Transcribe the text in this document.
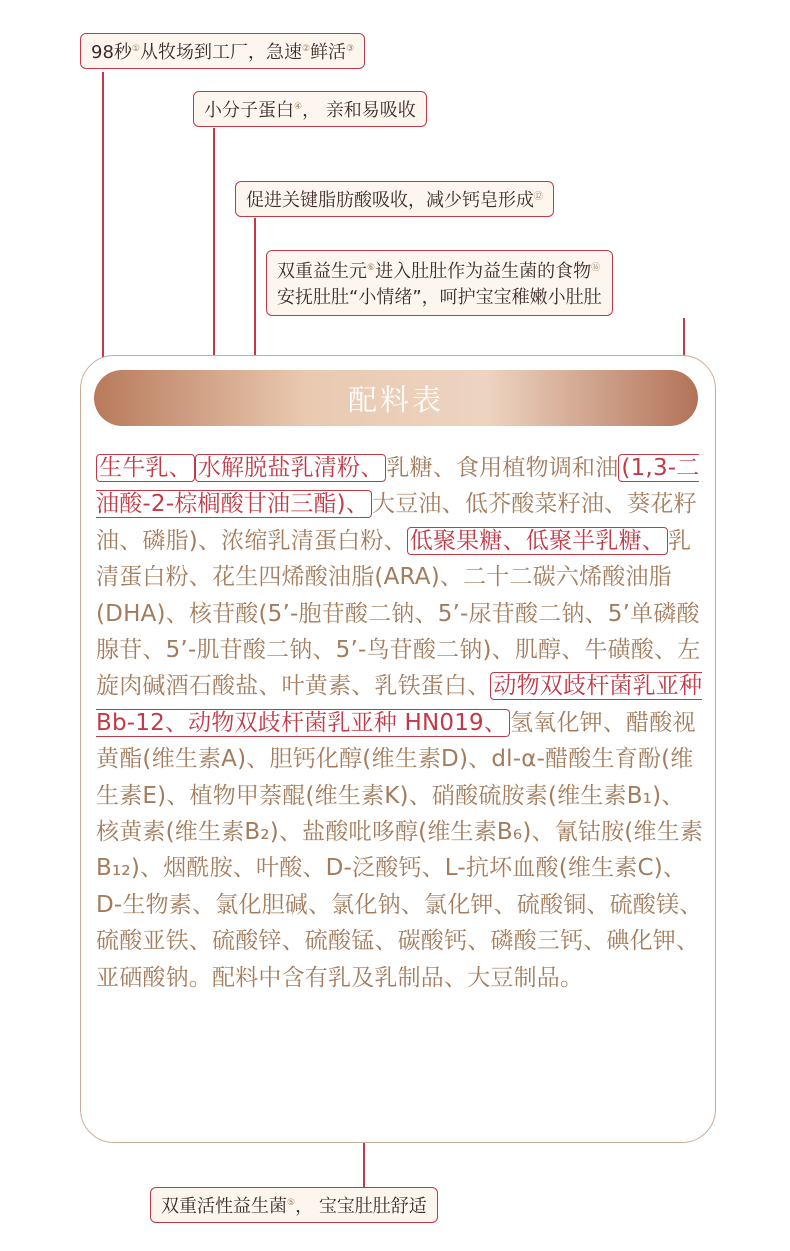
98秒①从牧场到工厂，急速②鲜活③
小分子蛋白④， 亲和易吸收
促进关键脂肪酸吸收，减少钙皂形成⑫
双重益生元⑥进入肚肚作为益生菌的食物⑯
安抚肚肚“小情绪”，呵护宝宝稚嫩小肚肚
配料表
生牛乳、 水解脱盐乳清粉、 乳糖、食用植物调和油 (1,3-二油酸-2-棕榈酸甘油三酯)、 大豆油、低芥酸菜籽油、葵花籽油、磷脂)、浓缩乳清蛋白粉、 低聚果糖、低聚半乳糖、 乳清蛋白粉、花生四烯酸油脂(ARA)、二十二碳六烯酸油脂(DHA)、核苷酸(5’-胞苷酸二钠、5’-尿苷酸二钠、5’单磷酸腺苷、5’-肌苷酸二钠、5’-鸟苷酸二钠)、肌醇、牛磺酸、左旋肉碱酒石酸盐、叶黄素、乳铁蛋白、 动物双歧杆菌乳亚种 Bb-12、动物双歧杆菌乳亚种 HN019、 氢氧化钾、醋酸视黄酯(维生素A)、胆钙化醇(维生素D)、dl-α-醋酸生育酚(维生素E)、植物甲萘醌(维生素K)、硝酸硫胺素(维生素B₁)、核黄素(维生素B₂)、盐酸吡哆醇(维生素B₆)、氰钴胺(维生素B₁₂)、烟酰胺、叶酸、D-泛酸钙、L-抗坏血酸(维生素C)、D-生物素、氯化胆碱、氯化钠、氯化钾、硫酸铜、硫酸镁、硫酸亚铁、硫酸锌、硫酸锰、碳酸钙、磷酸三钙、碘化钾、亚硒酸钠。配料中含有乳及乳制品、大豆制品。
双重活性益生菌⑤， 宝宝肚肚舒适
